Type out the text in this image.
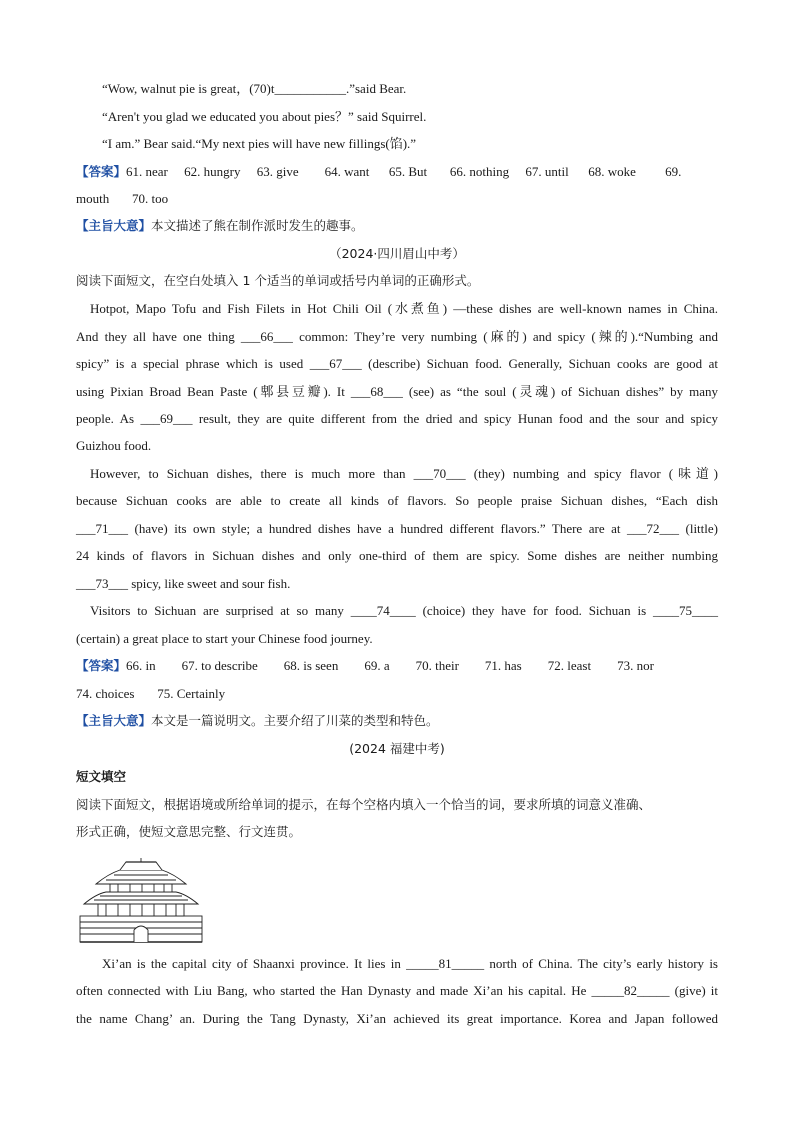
“Wow, walnut pie is great，(70)t___________.”said Bear.
“Aren't you glad we educated you about pies？” said Squirrel.
“I am.” Bear said.“My next pies will have new fillings(馅).”
【答案】61. near     62. hungry     63. give        64. want      65. But       66. nothing     67. until      68. woke         69.
mouth       70. too
【主旨大意】本文描述了熊在制作派时发生的趣事。
（2024·四川眉山中考）
阅读下面短文，在空白处填入 1 个适当的单词或括号内单词的正确形式。
Hotpot, Mapo Tofu and Fish Filets in Hot Chili Oil (水煮鱼) —these dishes are well-known names in China.
And they all have one thing ___66___ common: They’re very numbing (麻的) and spicy (辣的).“Numbing and
spicy” is a special phrase which is used ___67___ (describe) Sichuan food. Generally, Sichuan cooks are good at
using Pixian Broad Bean Paste (郫县豆瓣). It ___68___ (see) as “the soul (灵魂) of Sichuan dishes” by many
people. As ___69___ result, they are quite different from the dried and spicy Hunan food and the sour and spicy
Guizhou food.
However, to Sichuan dishes, there is much more than ___70___ (they) numbing and spicy flavor (味道)
because Sichuan cooks are able to create all kinds of flavors. So people praise Sichuan dishes, “Each dish
___71___ (have) its own style; a hundred dishes have a hundred different flavors.” There are at ___72___ (little)
24 kinds of flavors in Sichuan dishes and only one-third of them are spicy. Some dishes are neither numbing
___73___ spicy, like sweet and sour fish.
Visitors to Sichuan are surprised at so many ____74____ (choice) they have for food. Sichuan is ____75____
(certain) a great place to start your Chinese food journey.
【答案】66. in        67. to describe        68. is seen        69. a        70. their        71. has        72. least        73. nor
74. choices       75. Certainly
【主旨大意】本文是一篇说明文。主要介绍了川菜的类型和特色。
(2024 福建中考)
短文填空
阅读下面短文，根据语境或所给单词的提示，在每个空格内填入一个恰当的词，要求所填的词意义准确、
形式正确，使短文意思完整、行文连贯。
Xi’an is the capital city of Shaanxi province. It lies in _____81_____ north of China. The city’s early history is
often connected with Liu Bang, who started the Han Dynasty and made Xi’an his capital. He _____82_____ (give) it
the name Chang’ an. During the Tang Dynasty, Xi’an achieved its great importance. Korea and Japan followed
